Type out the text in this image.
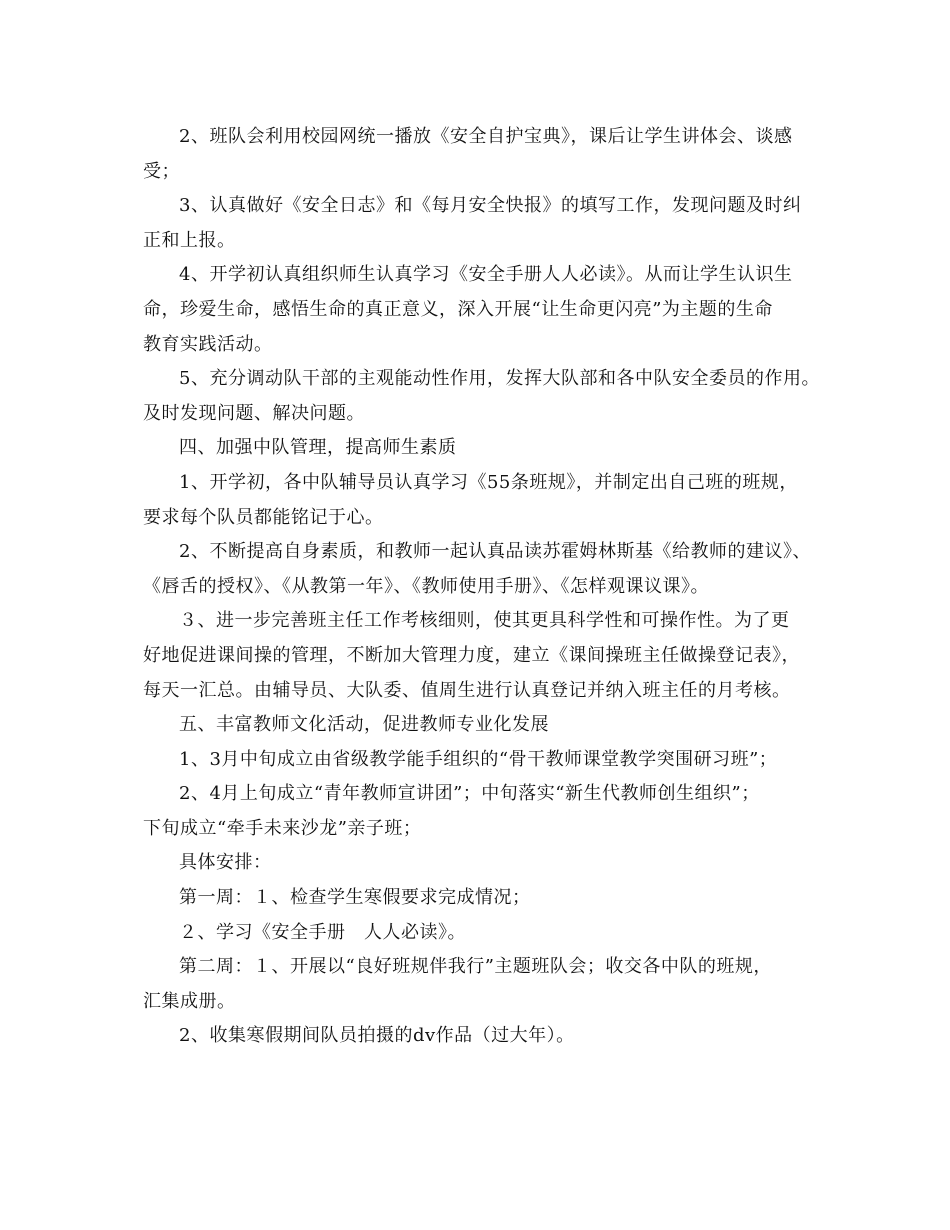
2、班队会利用校园网统一播放《安全自护宝典》，课后让学生讲体会、谈感
受；
3、认真做好《安全日志》和《每月安全快报》的填写工作，发现问题及时纠
正和上报。
4、开学初认真组织师生认真学习《安全手册人人必读》。从而让学生认识生
命，珍爱生命，感悟生命的真正意义，深入开展“让生命更闪亮”为主题的生命
教育实践活动。
5、充分调动队干部的主观能动性作用，发挥大队部和各中队安全委员的作用。
及时发现问题、解决问题。
四、加强中队管理，提高师生素质
1、开学初，各中队辅导员认真学习《55条班规》，并制定出自己班的班规，
要求每个队员都能铭记于心。
2、不断提高自身素质，和教师一起认真品读苏霍姆林斯基《给教师的建议》、
《唇舌的授权》、《从教第一年》、《教师使用手册》、《怎样观课议课》。
３、进一步完善班主任工作考核细则，使其更具科学性和可操作性。为了更
好地促进课间操的管理，不断加大管理力度，建立《课间操班主任做操登记表》，
每天一汇总。由辅导员、大队委、值周生进行认真登记并纳入班主任的月考核。
五、丰富教师文化活动，促进教师专业化发展
1、3月中旬成立由省级教学能手组织的“骨干教师课堂教学突围研习班”；
2、4月上旬成立“青年教师宣讲团”；中旬落实“新生代教师创生组织”；
下旬成立“牵手未来沙龙”亲子班；
具体安排：
第一周：１、检查学生寒假要求完成情况；
２、学习《安全手册　人人必读》。
第二周：１、开展以“良好班规伴我行”主题班队会；收交各中队的班规，
汇集成册。
2、收集寒假期间队员拍摄的dv作品（过大年）。
